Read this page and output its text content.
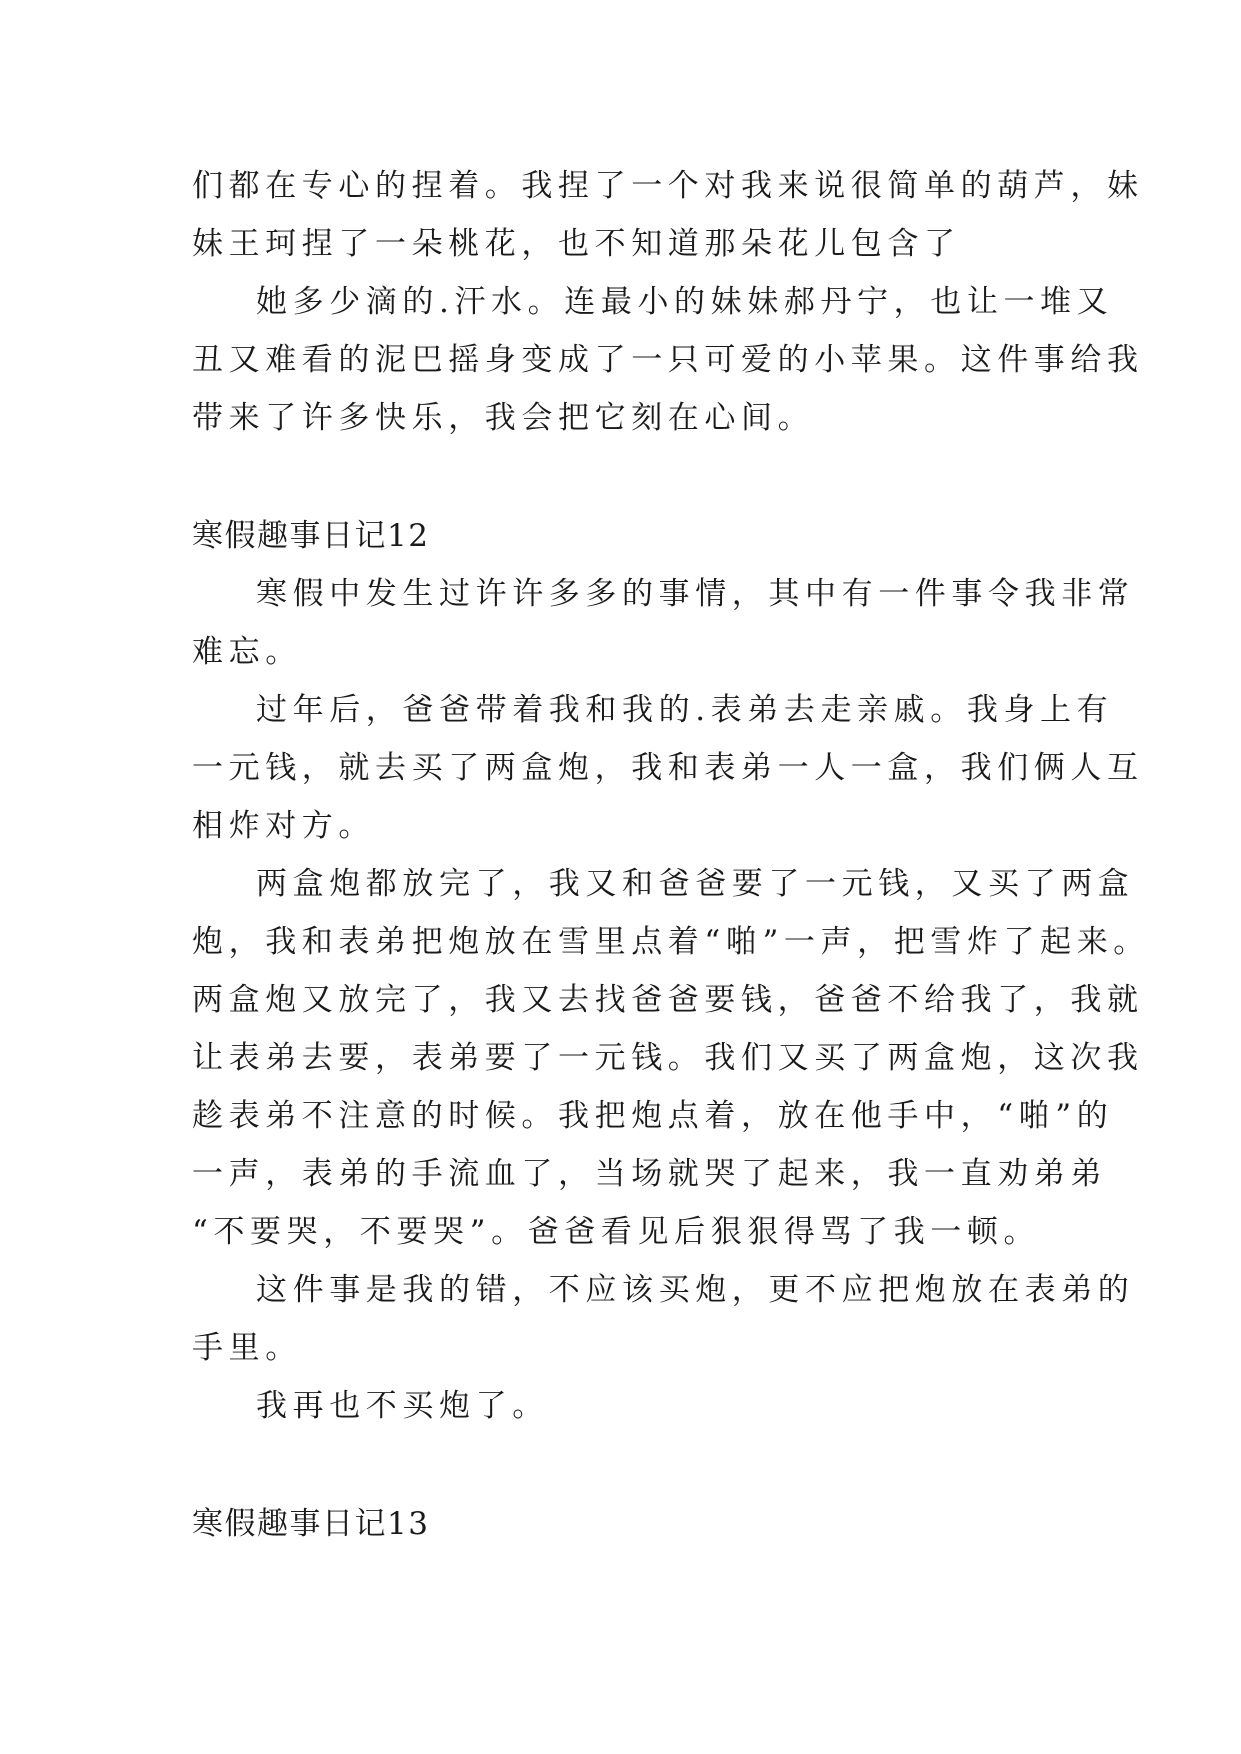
们都在专心的捏着。我捏了一个对我来说很简单的葫芦，妹
妹王珂捏了一朵桃花，也不知道那朵花儿包含了
她多少滴的.汗水。连最小的妹妹郝丹宁，也让一堆又
丑又难看的泥巴摇身变成了一只可爱的小苹果。这件事给我
带来了许多快乐，我会把它刻在心间。
寒假趣事日记12
寒假中发生过许许多多的事情，其中有一件事令我非常
难忘。
过年后，爸爸带着我和我的.表弟去走亲戚。我身上有
一元钱，就去买了两盒炮，我和表弟一人一盒，我们俩人互
相炸对方。
两盒炮都放完了，我又和爸爸要了一元钱，又买了两盒
炮，我和表弟把炮放在雪里点着“啪”一声，把雪炸了起来。
两盒炮又放完了，我又去找爸爸要钱，爸爸不给我了，我就
让表弟去要，表弟要了一元钱。我们又买了两盒炮，这次我
趁表弟不注意的时候。我把炮点着，放在他手中，“啪”的
一声，表弟的手流血了，当场就哭了起来，我一直劝弟弟
“不要哭，不要哭”。爸爸看见后狠狠得骂了我一顿。
这件事是我的错，不应该买炮，更不应把炮放在表弟的
手里。
我再也不买炮了。
寒假趣事日记13
